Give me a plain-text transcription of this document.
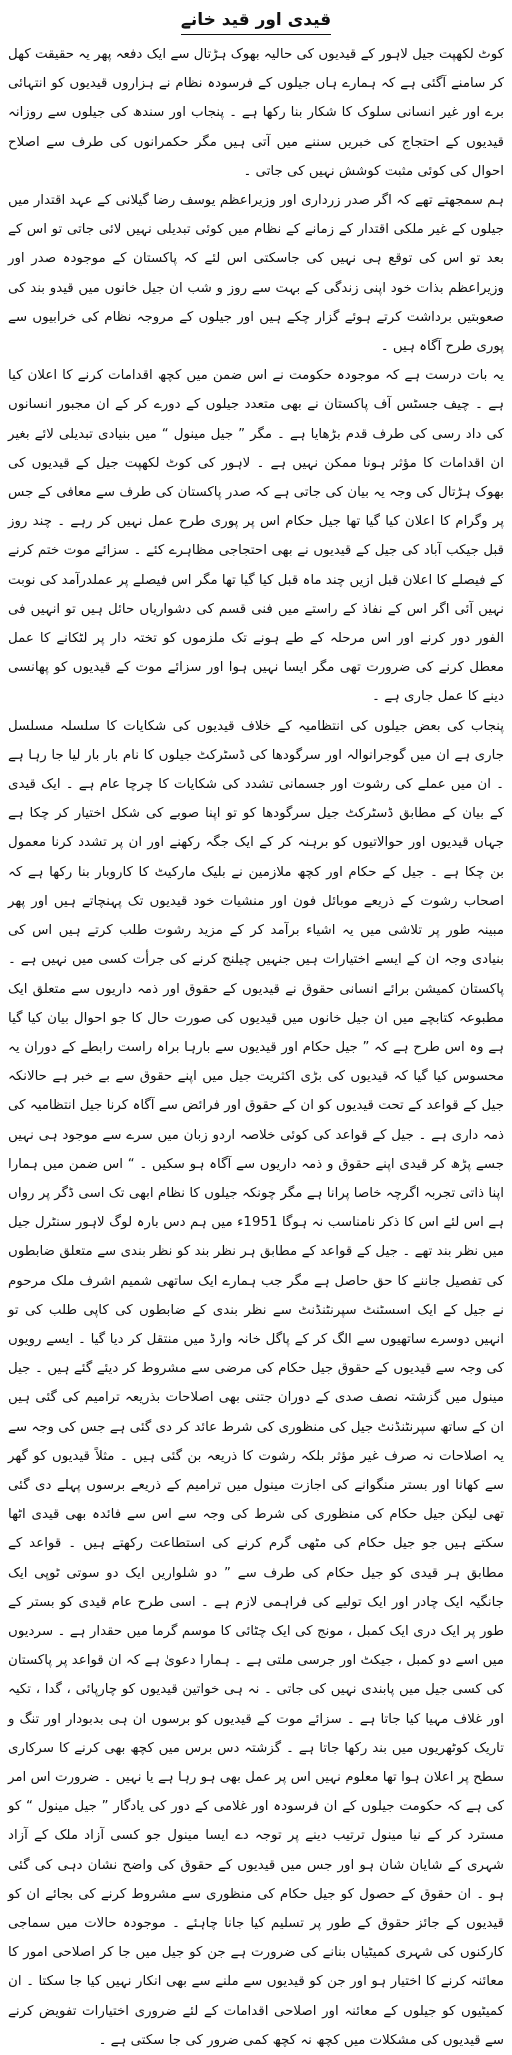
قیدی اور قید خانے

کوٹ لکھپت جیل لاہور کے قیدیوں کی حالیہ بھوک ہڑتال سے ایک دفعہ پھر یہ حقیقت کھل کر سامنے آگئی ہے کہ ہمارے ہاں جیلوں کے فرسودہ نظام نے ہزاروں قیدیوں کو انتہائی برے اور غیر انسانی سلوک کا شکار بنا رکھا ہے ۔ پنجاب اور سندھ کی جیلوں سے روزانہ قیدیوں کے احتجاج کی خبریں سننے میں آتی ہیں مگر حکمرانوں کی طرف سے اصلاح احوال کی کوئی مثبت کوشش نہیں کی جاتی ۔

ہم سمجھتے تھے کہ اگر صدر زرداری اور وزیراعظم یوسف رضا گیلانی کے عہد اقتدار میں جیلوں کے غیر ملکی اقتدار کے زمانے کے نظام میں کوئی تبدیلی نہیں لائی جاتی تو اس کے بعد تو اس کی توقع ہی نہیں کی جاسکتی اس لئے کہ پاکستان کے موجودہ صدر اور وزیراعظم بذات خود اپنی زندگی کے بہت سے روز و شب ان جیل خانوں میں قیدو بند کی صعوبتیں برداشت کرتے ہوئے گزار چکے ہیں اور جیلوں کے مروجہ نظام کی خرابیوں سے پوری طرح آگاہ ہیں ۔

یہ بات درست ہے کہ موجودہ حکومت نے اس ضمن میں کچھ اقدامات کرنے کا اعلان کیا ہے ۔ چیف جسٹس آف پاکستان نے بھی متعدد جیلوں کے دورے کر کے ان مجبور انسانوں کی داد رسی کی طرف قدم بڑھایا ہے ۔ مگر ” جیل مینول “ میں بنیادی تبدیلی لائے بغیر ان اقدامات کا مؤثر ہونا ممکن نہیں ہے ۔ لاہور کی کوٹ لکھپت جیل کے قیدیوں کی بھوک ہڑتال کی وجہ یہ بیان کی جاتی ہے کہ صدر پاکستان کی طرف سے معافی کے جس پر وگرام کا اعلان کیا گیا تھا جیل حکام اس پر پوری طرح عمل نہیں کر رہے ۔ چند روز قبل جیکب آباد کی جیل کے قیدیوں نے بھی احتجاجی مظاہرے کئے ۔ سزائے موت ختم کرنے کے فیصلے کا اعلان قبل ازیں چند ماہ قبل کیا گیا تھا مگر اس فیصلے پر عملدرآمد کی نوبت نہیں آئی اگر اس کے نفاذ کے راستے میں فنی قسم کی دشواریاں حائل ہیں تو انہیں فی الفور دور کرنے اور اس مرحلہ کے طے ہونے تک ملزموں کو تختہ دار پر لٹکانے کا عمل معطل کرنے کی ضرورت تھی مگر ایسا نہیں ہوا اور سزائے موت کے قیدیوں کو پھانسی دینے کا عمل جاری ہے ۔

پنجاب کی بعض جیلوں کی انتظامیہ کے خلاف قیدیوں کی شکایات کا سلسلہ مسلسل جاری ہے ان میں گوجرانوالہ اور سرگودھا کی ڈسٹرکٹ جیلوں کا نام بار بار لیا جا رہا ہے ۔ ان میں عملے کی رشوت اور جسمانی تشدد کی شکایات کا چرچا عام ہے ۔ ایک قیدی کے بیان کے مطابق ڈسٹرکٹ جیل سرگودھا کو تو اپنا صوبے کی شکل اختیار کر چکا ہے جہاں قیدیوں اور حوالاتیوں کو برہنہ کر کے ایک جگہ رکھنے اور ان پر تشدد کرنا معمول بن چکا ہے ۔ جیل کے حکام اور کچھ ملازمین نے بلیک مارکیٹ کا کاروبار بنا رکھا ہے کہ اصحاب رشوت کے ذریعے موبائل فون اور منشیات خود قیدیوں تک پہنچاتے ہیں اور پھر مبینہ طور پر تلاشی میں یہ اشیاء برآمد کر کے مزید رشوت طلب کرتے ہیں اس کی بنیادی وجہ ان کے ایسے اختیارات ہیں جنہیں چیلنج کرنے کی جرأت کسی میں نہیں ہے ۔ پاکستان کمیشن برائے انسانی حقوق نے قیدیوں کے حقوق اور ذمہ داریوں سے متعلق ایک مطبوعہ کتابچے میں ان جیل خانوں میں قیدیوں کی صورت حال کا جو احوال بیان کیا گیا ہے وہ اس طرح ہے کہ ” جیل حکام اور قیدیوں سے بارہا براہ راست رابطے کے دوران یہ محسوس کیا گیا کہ قیدیوں کی بڑی اکثریت جیل میں اپنے حقوق سے بے خبر ہے حالانکہ جیل کے قواعد کے تحت قیدیوں کو ان کے حقوق اور فرائض سے آگاہ کرنا جیل انتظامیہ کی ذمہ داری ہے ۔ جیل کے قواعد کی کوئی خلاصہ اردو زبان میں سرے سے موجود ہی نہیں جسے پڑھ کر قیدی اپنے حقوق و ذمہ داریوں سے آگاہ ہو سکیں ۔ “ اس ضمن میں ہمارا اپنا ذاتی تجربہ اگرچہ خاصا پرانا ہے مگر چونکہ جیلوں کا نظام ابھی تک اسی ڈگر پر رواں ہے اس لئے اس کا ذکر نامناسب نہ ہوگا 1951ء میں ہم دس بارہ لوگ لاہور سنٹرل جیل میں نظر بند تھے ۔ جیل کے قواعد کے مطابق ہر نظر بند کو نظر بندی سے متعلق ضابطوں کی تفصیل جاننے کا حق حاصل ہے مگر جب ہمارے ایک ساتھی شمیم اشرف ملک مرحوم نے جیل کے ایک اسسٹنٹ سپرنٹنڈنٹ سے نظر بندی کے ضابطوں کی کاپی طلب کی تو انہیں دوسرے ساتھیوں سے الگ کر کے پاگل خانہ وارڈ میں منتقل کر دیا گیا ۔ ایسے رویوں کی وجہ سے قیدیوں کے حقوق جیل حکام کی مرضی سے مشروط کر دیئے گئے ہیں ۔ جیل مینول میں گزشتہ نصف صدی کے دوران جتنی بھی اصلاحات بذریعہ ترامیم کی گئی ہیں ان کے ساتھ سپرنٹنڈنٹ جیل کی منظوری کی شرط عائد کر دی گئی ہے جس کی وجہ سے یہ اصلاحات نہ صرف غیر مؤثر بلکہ رشوت کا ذریعہ بن گئی ہیں ۔ مثلاً قیدیوں کو گھر سے کھانا اور بستر منگوانے کی اجازت مینول میں ترامیم کے ذریعے برسوں پہلے دی گئی تھی لیکن جیل حکام کی منظوری کی شرط کی وجہ سے اس سے فائدہ بھی قیدی اٹھا سکتے ہیں جو جیل حکام کی مٹھی گرم کرنے کی استطاعت رکھتے ہیں ۔ قواعد کے مطابق ہر قیدی کو جیل حکام کی طرف سے ” دو شلواریں ایک دو سوتی ٹوپی ایک جانگیہ ایک چادر اور ایک تولیے کی فراہمی لازم ہے ۔ اسی طرح عام قیدی کو بستر کے طور پر ایک دری ایک کمبل ، مونج کی ایک چٹائی کا موسم گرما میں حقدار ہے ۔ سردیوں میں اسے دو کمبل ، جیکٹ اور جرسی ملتی ہے ۔ ہمارا دعویٰ ہے کہ ان قواعد پر پاکستان کی کسی جیل میں پابندی نہیں کی جاتی ۔ نہ ہی خواتین قیدیوں کو چارپائی ، گدا ، تکیہ اور غلاف مہیا کیا جاتا ہے ۔ سزائے موت کے قیدیوں کو برسوں ان ہی بدبودار اور تنگ و تاریک کوٹھریوں میں بند رکھا جاتا ہے ۔ گزشتہ دس برس میں کچھ بھی کرنے کا سرکاری سطح پر اعلان ہوا تھا معلوم نہیں اس پر عمل بھی ہو رہا ہے یا نہیں ۔ ضرورت اس امر کی ہے کہ حکومت جیلوں کے ان فرسودہ اور غلامی کے دور کی یادگار ” جیل مینول “ کو مسترد کر کے نیا مینول ترتیب دینے پر توجہ دے ایسا مینول جو کسی آزاد ملک کے آزاد شہری کے شایان شان ہو اور جس میں قیدیوں کے حقوق کی واضح نشان دہی کی گئی ہو ۔ ان حقوق کے حصول کو جیل حکام کی منظوری سے مشروط کرنے کی بجائے ان کو قیدیوں کے جائز حقوق کے طور پر تسلیم کیا جانا چاہئے ۔ موجودہ حالات میں سماجی کارکنوں کی شہری کمیٹیاں بنانے کی ضرورت ہے جن کو جیل میں جا کر اصلاحی امور کا معائنہ کرنے کا اختیار ہو اور جن کو قیدیوں سے ملنے سے بھی انکار نہیں کیا جا سکتا ۔ ان کمیٹیوں کو جیلوں کے معائنہ اور اصلاحی اقدامات کے لئے ضروری اختیارات تفویض کرنے سے قیدیوں کی مشکلات میں کچھ نہ کچھ کمی ضرور کی جا سکتی ہے ۔
